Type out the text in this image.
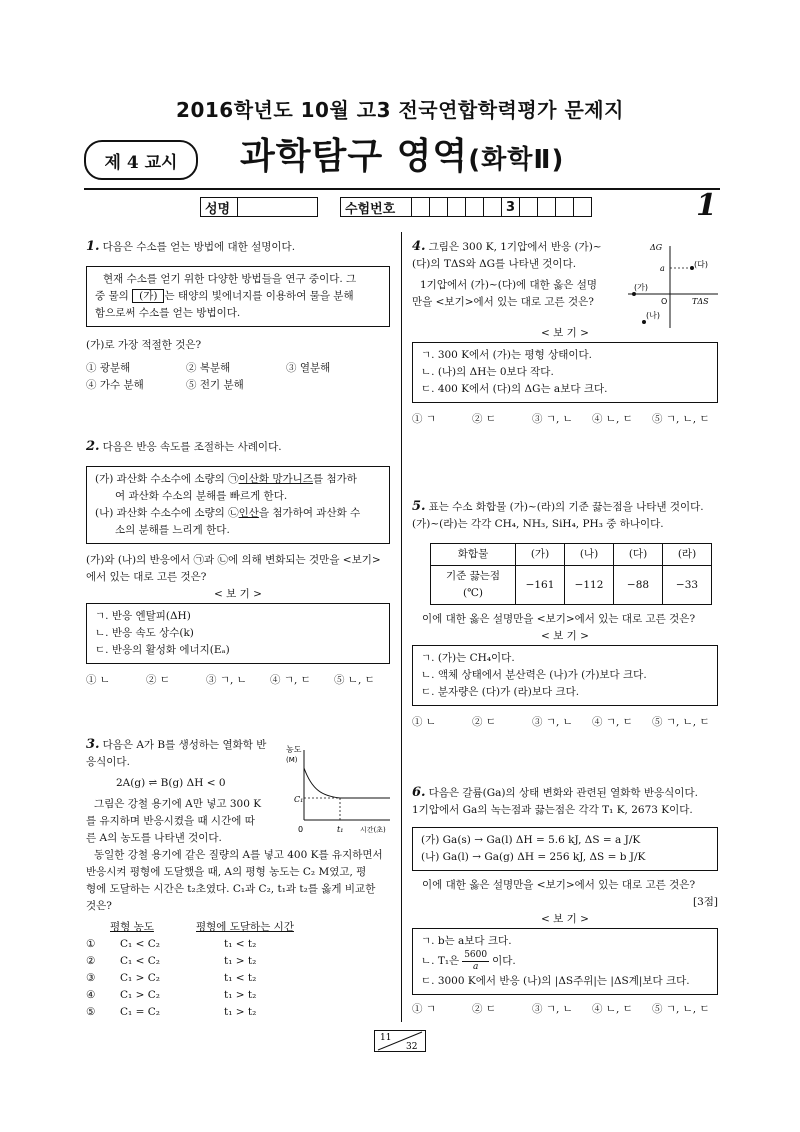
2016학년도 10월 고3 전국연합학력평가 문제지
제 4 교시	과학탐구 영역(화학Ⅱ)
성명	수험번호	3	1
1. 다음은 수소를 얻는 방법에 대한 설명이다.
현재 수소를 얻기 위한 다양한 방법들을 연구 중이다. 그
중 물의 (가) 는 태양의 빛에너지를 이용하여 물을 분해
함으로써 수소를 얻는 방법이다.
(가)로 가장 적절한 것은?
① 광분해	② 복분해	③ 열분해
④ 가수 분해	⑤ 전기 분해
2. 다음은 반응 속도를 조절하는 사례이다.
(가) 과산화 수소수에 소량의 ㉠이산화 망가니즈를 첨가하
여 과산화 수소의 분해를 빠르게 한다.
(나) 과산화 수소수에 소량의 ㉡인산을 첨가하여 과산화 수
소의 분해를 느리게 한다.
(가)와 (나)의 반응에서 ㉠과 ㉡에 의해 변화되는 것만을 <보기>
에서 있는 대로 고른 것은?
< 보 기 >
ㄱ. 반응 엔탈피(ΔH)
ㄴ. 반응 속도 상수(k)
ㄷ. 반응의 활성화 에너지(Eₐ)
① ㄴ	② ㄷ	③ ㄱ, ㄴ ④ ㄱ, ㄷ ⑤ ㄴ, ㄷ
3. 다음은 A가 B를 생성하는 열화학 반
응식이다.
2A(g) ⇌ B(g) ΔH < 0
그림은 강철 용기에 A만 넣고 300 K
를 유지하며 반응시켰을 때 시간에 따
른 A의 농도를 나타낸 것이다.
동일한 강철 용기에 같은 질량의 A를 넣고 400 K를 유지하면서
반응시켜 평형에 도달했을 때, A의 평형 농도는 C₂ M였고, 평
형에 도달하는 시간은 t₂초였다. C₁과 C₂, t₁과 t₂를 옳게 비교한
것은?
평형 농도	평형에 도달하는 시간
①	C₁ < C₂	t₁ < t₂
②	C₁ < C₂	t₁ > t₂
③	C₁ > C₂	t₁ < t₂
④	C₁ > C₂	t₁ > t₂
⑤	C₁ = C₂	t₁ > t₂
농도
(M)
C₁
0	t₁ 시간(초)
4. 그림은 300 K, 1기압에서 반응 (가)~
(다)의 TΔS와 ΔG를 나타낸 것이다.
1기압에서 (가)~(다)에 대한 옳은 설명
만을 <보기>에서 있는 대로 고른 것은?
< 보 기 >
ㄱ. 300 K에서 (가)는 평형 상태이다.
ㄴ. (나)의 ΔH는 0보다 작다.
ㄷ. 400 K에서 (다)의 ΔG는 a보다 크다.
① ㄱ	② ㄷ	③ ㄱ, ㄴ ④ ㄴ, ㄷ ⑤ ㄱ, ㄴ, ㄷ
ΔG
a
O	TΔS
(다)
(가)
(나)
5. 표는 수소 화합물 (가)~(라)의 기준 끓는점을 나타낸 것이다.
(가)~(라)는 각각 CH₄, NH₃, SiH₄, PH₃ 중 하나이다.
화합물	(가)	(나)	(다)	(라)
기준 끓는점(℃)	−161	−112	−88	−33
이에 대한 옳은 설명만을 <보기>에서 있는 대로 고른 것은?
< 보 기 >
ㄱ. (가)는 CH₄이다.
ㄴ. 액체 상태에서 분산력은 (나)가 (가)보다 크다.
ㄷ. 분자량은 (다)가 (라)보다 크다.
① ㄴ	② ㄷ	③ ㄱ, ㄴ ④ ㄱ, ㄷ ⑤ ㄱ, ㄴ, ㄷ
6. 다음은 갈륨(Ga)의 상태 변화와 관련된 열화학 반응식이다.
1기압에서 Ga의 녹는점과 끓는점은 각각 T₁ K, 2673 K이다.
(가) Ga(s) → Ga(l) ΔH = 5.6 kJ, ΔS = a J/K
(나) Ga(l) → Ga(g) ΔH = 256 kJ, ΔS = b J/K
이에 대한 옳은 설명만을 <보기>에서 있는 대로 고른 것은?
[3점]
< 보 기 >
ㄱ. b는 a보다 크다.
ㄴ. T₁은 5600
a 이다.
ㄷ. 3000 K에서 반응 (나)의 |ΔS주위|는 |ΔS계|보다 크다.
① ㄱ	② ㄷ	③ ㄱ, ㄴ ④ ㄴ, ㄷ ⑤ ㄱ, ㄴ, ㄷ
11
32
